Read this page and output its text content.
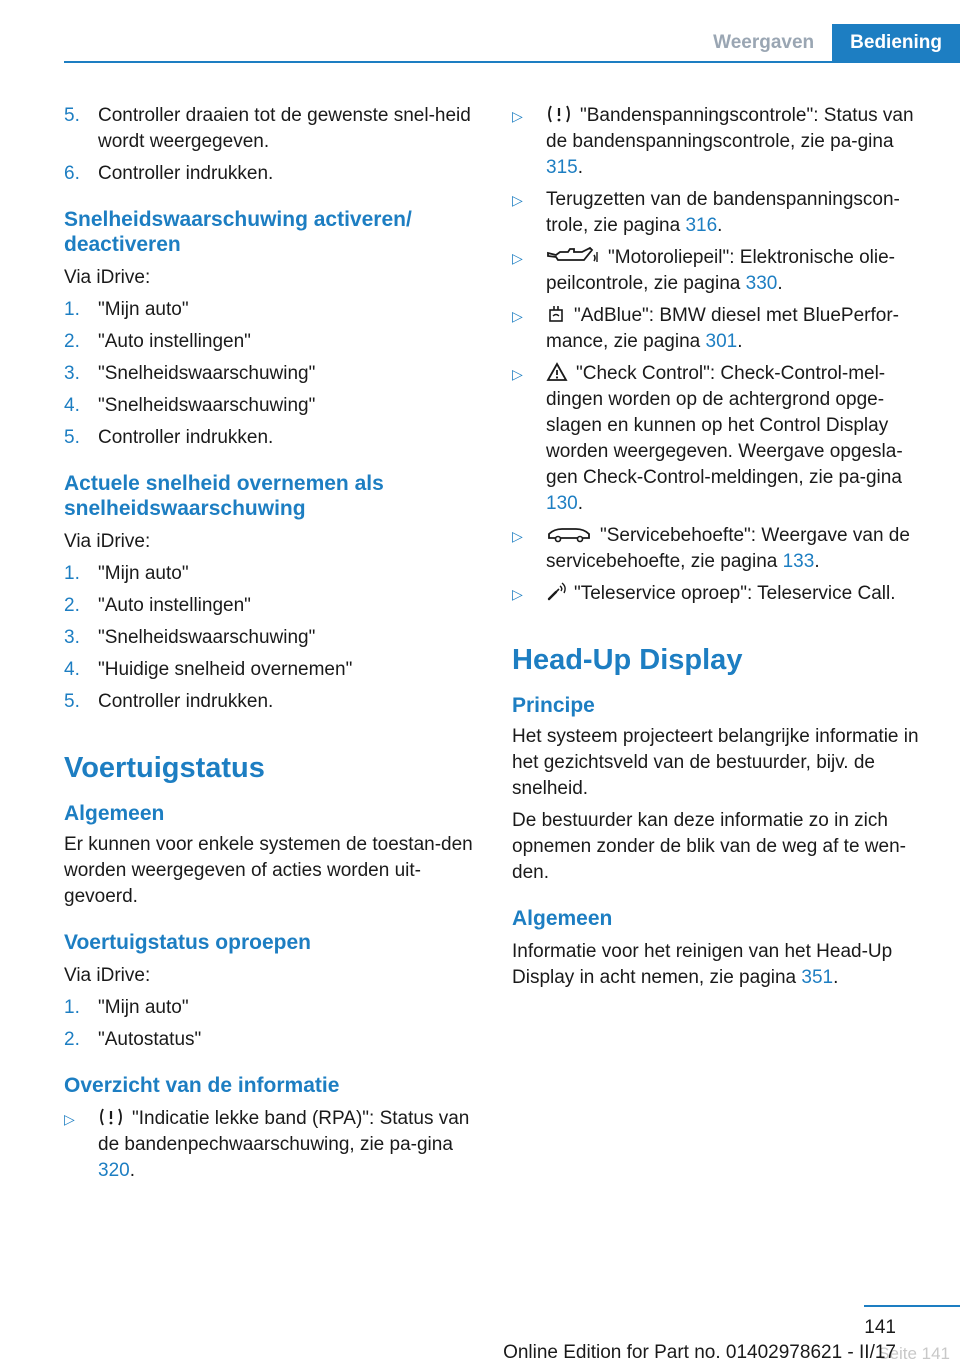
Weergaven	Bediening
5. Controller draaien tot de gewenste snel-heid wordt weergegeven.
6. Controller indrukken.
Snelheidswaarschuwing activeren/ deactiveren
Via iDrive:
1. "Mijn auto"
2. "Auto instellingen"
3. "Snelheidswaarschuwing"
4. "Snelheidswaarschuwing"
5. Controller indrukken.
Actuele snelheid overnemen als snelheidswaarschuwing
Via iDrive:
1. "Mijn auto"
2. "Auto instellingen"
3. "Snelheidswaarschuwing"
4. "Huidige snelheid overnemen"
5. Controller indrukken.
Voertuigstatus
Algemeen
Er kunnen voor enkele systemen de toestan-den worden weergegeven of acties worden uit-gevoerd.
Voertuigstatus oproepen
Via iDrive:
1. "Mijn auto"
2. "Autostatus"
Overzicht van de informatie
▷	"Indicatie lekke band (RPA)": Status van de bandenpechwaarschuwing, zie pa-gina 320.
▷	"Bandenspanningscontrole": Status van de bandenspanningscontrole, zie pa-gina 315.
▷	Terugzetten van de bandenspanningscon-trole, zie pagina 316.
▷	"Motoroliepeil": Elektronische olie-peilcontrole, zie pagina 330.
▷	"AdBlue": BMW diesel met BluePerfor-mance, zie pagina 301.
▷	"Check Control": Check-Control-mel-dingen worden op de achtergrond opge-slagen en kunnen op het Control Display worden weergegeven. Weergave opgesla-gen Check-Control-meldingen, zie pa-gina 130.
▷	"Servicebehoefte": Weergave van de servicebehoefte, zie pagina 133.
▷	"Teleservice oproep": Teleservice Call.
Head-Up Display
Principe
Het systeem projecteert belangrijke informatie in het gezichtsveld van de bestuurder, bijv. de snelheid.
De bestuurder kan deze informatie zo in zich opnemen zonder de blik van de weg af te wen-den.
Algemeen
Informatie voor het reinigen van het Head-Up Display in acht nemen, zie pagina 351.
141
Seite 141
Online Edition for Part no. 01402978621 - II/17
